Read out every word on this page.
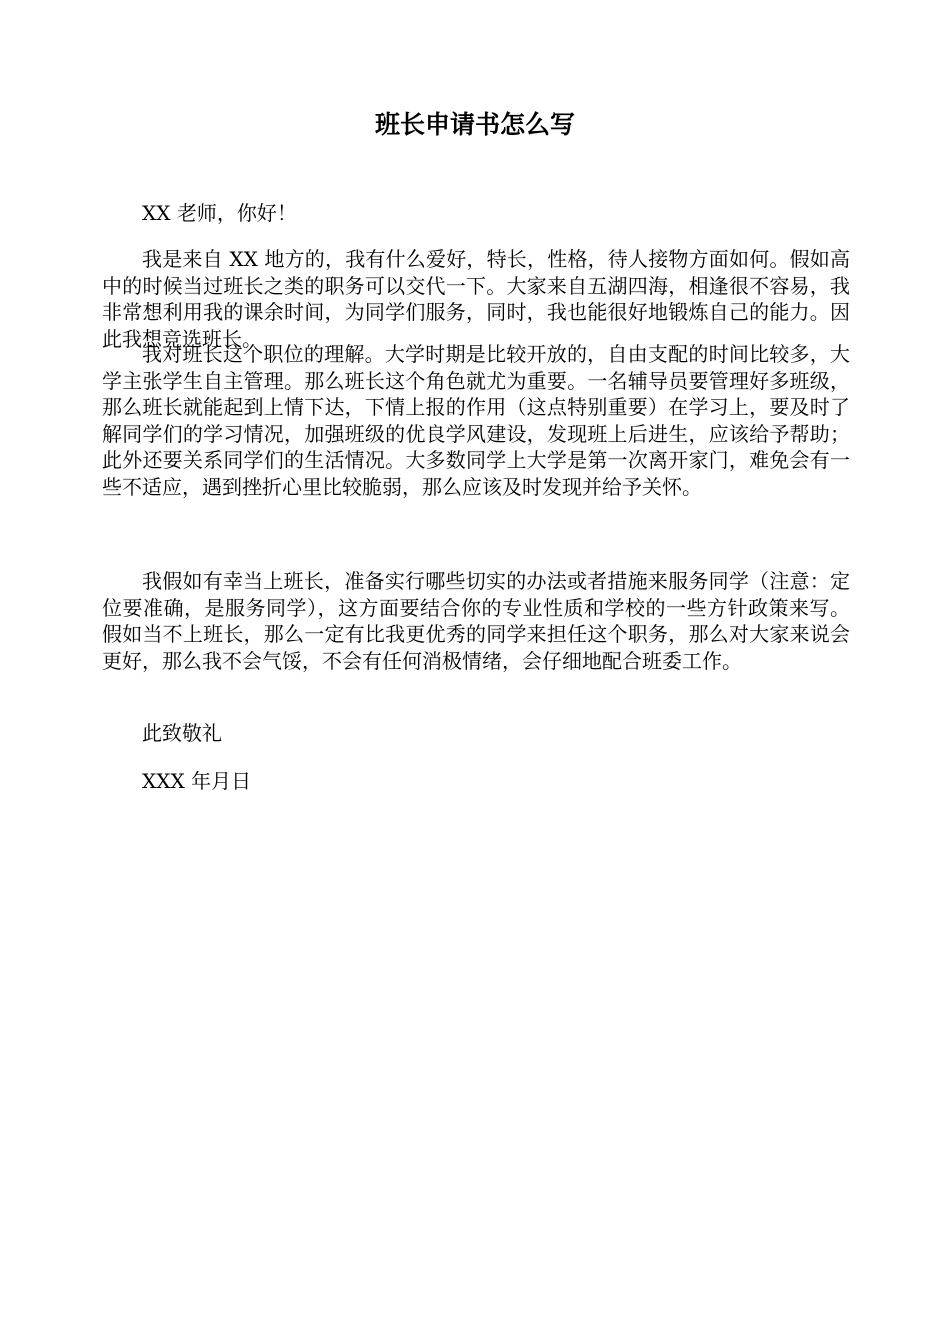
班长申请书怎么写

XX 老师，你好！

我是来自 XX 地方的，我有什么爱好，特长，性格，待人接物方面如何。假如高中的时候当过班长之类的职务可以交代一下。大家来自五湖四海，相逢很不容易，我非常想利用我的课余时间，为同学们服务，同时，我也能很好地锻炼自己的能力。因此我想竞选班长。

我对班长这个职位的理解。大学时期是比较开放的，自由支配的时间比较多，大学主张学生自主管理。那么班长这个角色就尤为重要。一名辅导员要管理好多班级，那么班长就能起到上情下达，下情上报的作用（这点特别重要）在学习上，要及时了解同学们的学习情况，加强班级的优良学风建设，发现班上后进生，应该给予帮助；此外还要关系同学们的生活情况。大多数同学上大学是第一次离开家门，难免会有一些不适应，遇到挫折心里比较脆弱，那么应该及时发现并给予关怀。

我假如有幸当上班长，准备实行哪些切实的办法或者措施来服务同学（注意：定位要准确，是服务同学），这方面要结合你的专业性质和学校的一些方针政策来写。假如当不上班长，那么一定有比我更优秀的同学来担任这个职务，那么对大家来说会更好，那么我不会气馁，不会有任何消极情绪，会仔细地配合班委工作。

此致敬礼

XXX 年月日
